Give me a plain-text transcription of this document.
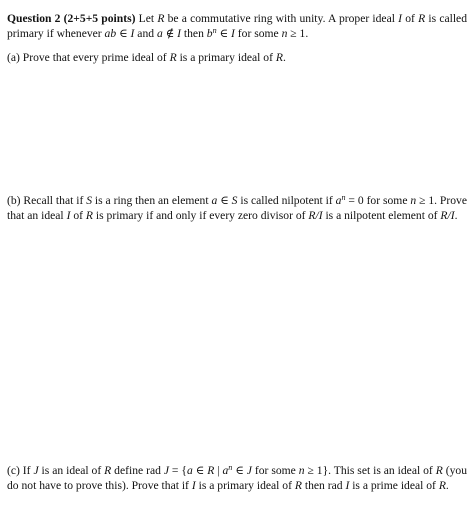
Question 2 (2+5+5 points) Let R be a commutative ring with unity. A proper ideal I of R is called primary if whenever ab ∈ I and a ∉ I then $b^n$ ∈ I for some n ≥ 1.

(a) Prove that every prime ideal of R is a primary ideal of R.

(b) Recall that if S is a ring then an element a ∈ S is called nilpotent if $a^n = 0$ for some n ≥ 1. Prove that an ideal I of R is primary if and only if every zero divisor of R/I is a nilpotent element of R/I.

(c) If J is an ideal of R define rad J = {a ∈ R | $a^n$ ∈ J for some n ≥ 1}. This set is an ideal of R (you do not have to prove this). Prove that if I is a primary ideal of R then rad I is a prime ideal of R.
